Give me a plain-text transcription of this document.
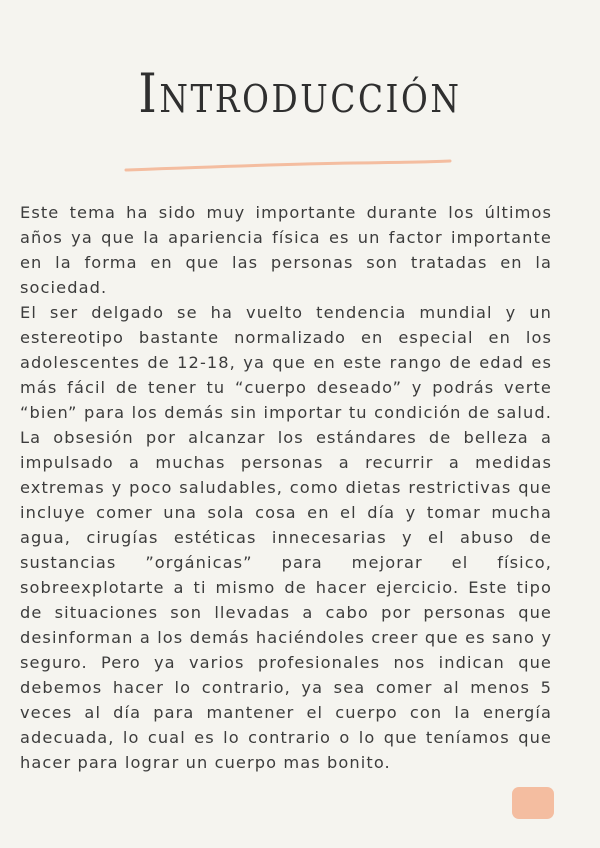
Introducción

Este tema ha sido muy importante durante los últimos años ya que la apariencia física es un factor importante en la forma en que las personas son tratadas en la sociedad.

El ser delgado se ha vuelto tendencia mundial y un estereotipo bastante normalizado en especial en los adolescentes de 12-18, ya que en este rango de edad es más fácil de tener tu “cuerpo deseado” y podrás verte “bien” para los demás sin importar tu condición de salud. La obsesión por alcanzar los estándares de belleza a impulsado a muchas personas a recurrir a medidas extremas y poco saludables, como dietas restrictivas que incluye comer una sola cosa en el día y tomar mucha agua, cirugías estéticas innecesarias y el abuso de sustancias ”orgánicas” para mejorar el físico, sobreexplotarte a ti mismo de hacer ejercicio. Este tipo de situaciones son llevadas a cabo por personas que desinforman a los demás haciéndoles creer que es sano y seguro. Pero ya varios profesionales nos indican que debemos hacer lo contrario, ya sea comer al menos 5 veces al día para mantener el cuerpo con la energía adecuada, lo cual es lo contrario o lo que teníamos que hacer para lograr un cuerpo mas bonito.
